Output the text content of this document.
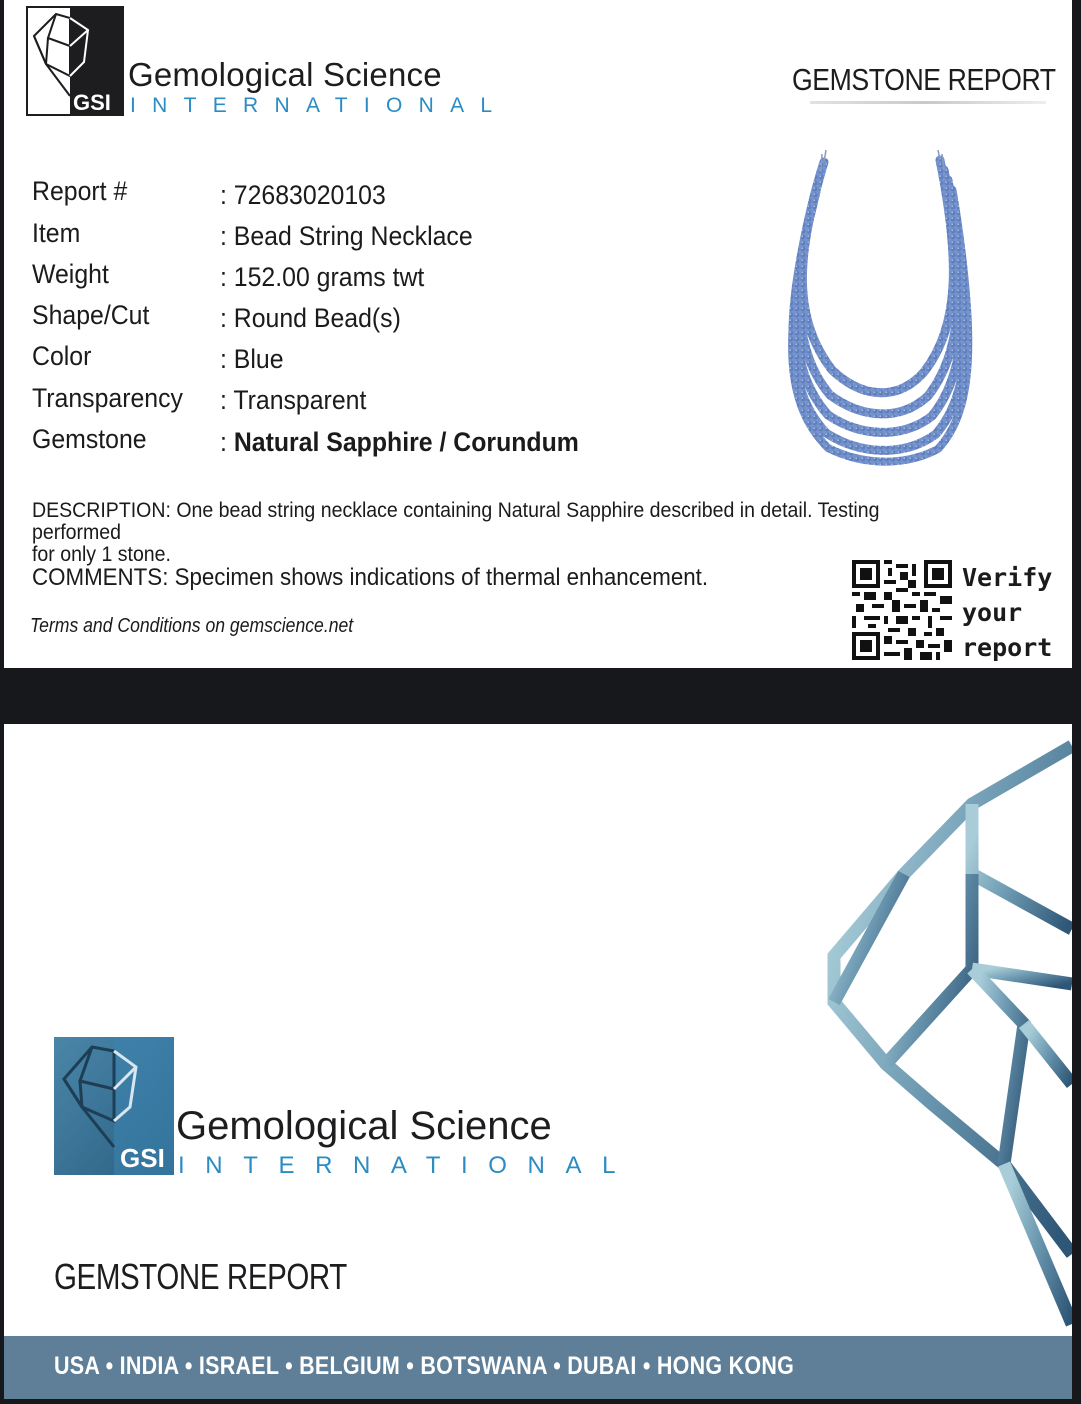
GSI
Gemological Science
INTERNATIONAL
GEMSTONE REPORT
Report #	: 72683020103
Item	: Bead String Necklace
Weight	: 152.00 grams twt
Shape/Cut	: Round Bead(s)
Color	: Blue
Transparency : Transparent
Gemstone	: Natural Sapphire / Corundum
DESCRIPTION: One bead string necklace containing Natural Sapphire described in detail. Testing performed
for only 1 stone.
COMMENTS: Specimen shows indications of thermal enhancement.
Terms and Conditions on gemscience.net
Verify
your
report
GSI
Gemological Science
INTERNATIONAL
GEMSTONE REPORT
USA • INDIA • ISRAEL • BELGIUM • BOTSWANA • DUBAI • HONG KONG
